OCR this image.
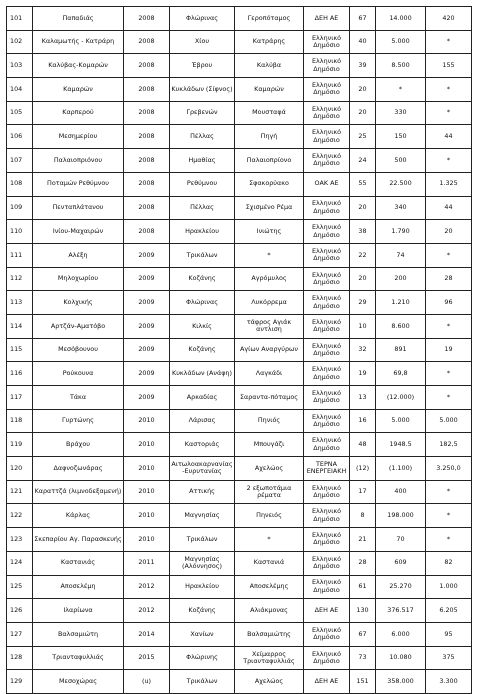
101	Παπαδιάς	2008	Φλώρινας	Γεροπόταμος	ΔΕΗ ΑΕ	67	14.000	420
102	Καλαμωτής - Κατράρη	2008	Χίου	Κατράρης	Ελληνικό Δημόσιο	40	5.000	*
103	Καλύβας-Κομαρών	2008	Έβρου	Καλύβα	Ελληνικό Δημόσιο	39	8.500	155
104	Καμαρών	2008	Κυκλάδων (Σίφνος)	Καμαρών	Ελληνικό Δημόσιο	20	*	*
105	Καρπερού	2008	Γρεβενών	Μουσταφά	Ελληνικό Δημόσιο	20	330	*
106	Μεσημερίου	2008	Πέλλας	Πηγή	Ελληνικό Δημόσιο	25	150	44
107	Παλαιοπριόνου	2008	Ημαθίας	Παλαιοπρίονο	Ελληνικό Δημόσιο	24	500	*
108	Ποταμών Ρεθύμνου	2008	Ρεθύμνου	Σφακορύακο	ΟΑΚ ΑΕ	55	22.500	1.325
109	Πενταπλάτανου	2008	Πέλλας	Σχισμένο Ρέμα	Ελληνικό Δημόσιο	20	340	44
110	Ινίου-Μαχαιρών	2008	Ηρακλείου	Ινιώτης	Ελληνικό Δημόσιο	38	1.790	20
111	Αλέξη	2009	Τρικάλων	*	Ελληνικό Δημόσιο	22	74	*
112	Μηλοχωρίου	2009	Κοζάνης	Αγρόμυλος	Ελληνικό Δημόσιο	20	200	28
113	Κολχικής	2009	Φλώρινας	Λυκόρρεμα	Ελληνικό Δημόσιο	29	1.210	96
114	Αρτζάν-Αματόβο	2009	Κιλκίς	τάφρος Αγιάκ αντλιση	Ελληνικό Δημόσιο	10	8.600	*
115	Μεσόβουνου	2009	Κοζάνης	Αγίων Αναργύρων	Ελληνικό Δημόσιο	32	891	19
116	Ρούκουνα	2009	Κυκλάδων (Ανάφη)	Λαγκάδι	Ελληνικό Δημόσιο	19	69,8	*
117	Τάκα	2009	Αρκαδίας	Σαραντα-πόταμος	Ελληνικό Δημόσιο	13	(12.000)	*
118	Γυρτώνης	2010	Λάρισας	Πηνιός	Ελληνικό Δημόσιο	16	5.000	5.000
119	Βράχου	2010	Καστοριάς	Μπουγάζι	Ελληνικό Δημόσιο	48	1948.5	182,5
120	Δαφνοζωνάρας	2010	Αιτωλοακαρνανίας-Ευρυτανίας	Αχελώος	ΤΕΡΝΑ ΕΝΕΡΓΕΙΑΚΗ	(12)	(1.100)	3.250,0
121	Καραττζά (λιμνοδεξαμενή)	2010	Αττικής	2 εξωποτάμια ρέματα	Ελληνικό Δημόσιο	17	400	*
122	Κάρλας	2010	Μαγνησίας	Πηνειός	Ελληνικό Δημόσιο	8	198.000	*
123	Σκεπαρίου Αγ. Παρασκευής	2010	Τρικάλων	*	Ελληνικό Δημόσιο	21	70	*
124	Καστανιάς	2011	Μαγνησίας (Αλόννησος)	Καστανιά	Ελληνικό Δημόσιο	28	609	82
125	Αποσελέμη	2012	Ηρακλείου	Αποσελέμης	Ελληνικό Δημόσιο	61	25.270	1.000
126	Ιλαρίωνα	2012	Κοζάνης	Αλιάκμονας	ΔΕΗ ΑΕ	130	376.517	6.205
127	Βαλσαμιώτη	2014	Χανίων	Βαλσαμιώτης	Ελληνικό Δημόσιο	67	6.000	95
128	Τριανταφυλλιάς	2015	Φλώρινης	Χείμαρρος Τριανταφυλλιάς	Ελληνικό Δημόσιο	73	10.080	375
129	Μεσοχώρας	(u)	Τρικάλων	Αχελώος	ΔΕΗ ΑΕ	151	358.000	3.300
